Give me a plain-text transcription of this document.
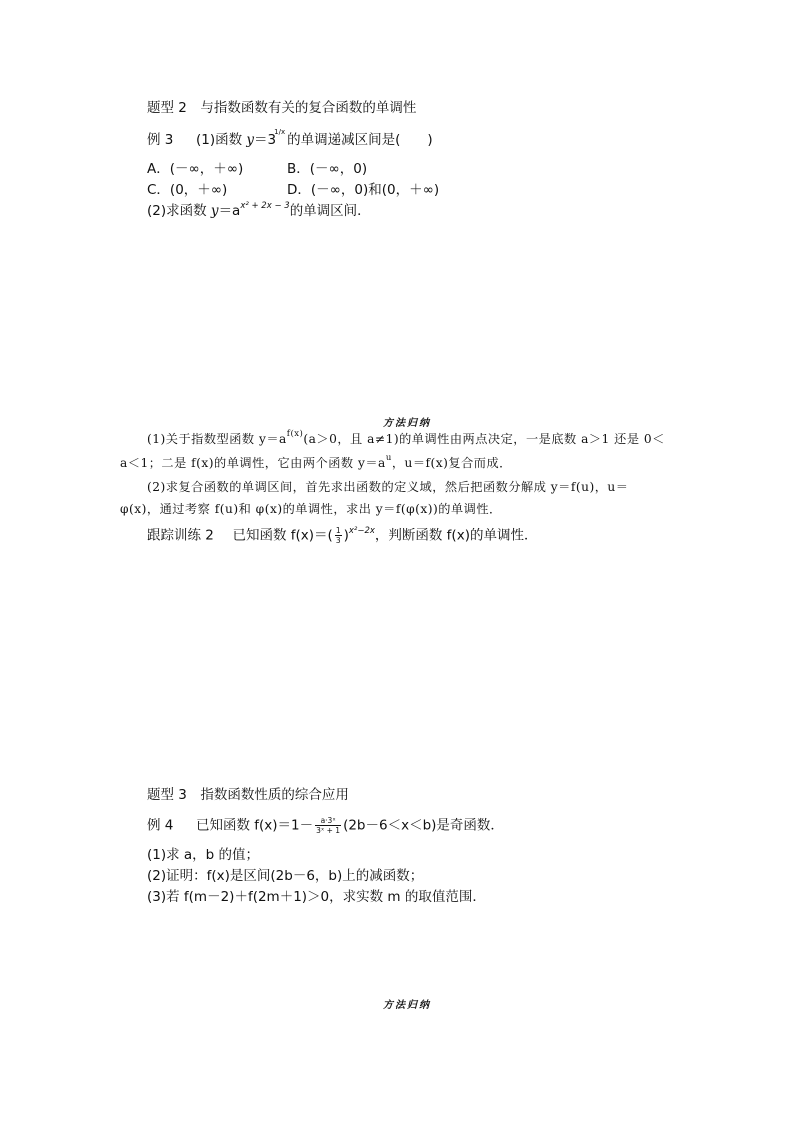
题型 2　与指数函数有关的复合函数的单调性
例 3 (1)函数 $y=3^{1/x}$ 的单调递减区间是(　　)
A．(－∞，＋∞)	B．(－∞，0)
C．(0，＋∞)	D．(－∞，0)和(0，＋∞)
(2)求函数 $y=a^{x^2 + 2x - 3}$的单调区间．
方法归纳

(1)关于指数型函数 $y=a^{f(x)}(a>0$，且 a≠1)的单调性由两点决定，一是底数 a＞1 还是 0＜

a＜1；二是 f(x)的单调性，它由两个函数 $y=a^u$，u＝f(x)复合而成．

(2)求复合函数的单调区间，首先求出函数的定义域，然后把函数分解成 y＝f(u)，u＝

φ(x)，通过考察 f(u)和 φ(x)的单调性，求出 y＝f(φ(x))的单调性．

跟踪训练 2 已知函数 $f(x)=( \frac{1}{3} )^{x^2-2x}$，判断函数 f(x)的单调性．
题型 3　指数函数性质的综合应用
例 4 已知函数 $f(x)=1- \frac{\text{a·3ˣ}}{\text{3ˣ + 1}} (2b-6<x<b)$是奇函数．
(1)求 a，b 的值；
(2)证明：f(x)是区间(2b－6，b)上的减函数；
(3)若 f(m－2)＋f(2m＋1)＞0，求实数 m 的取值范围．
方法归纳
